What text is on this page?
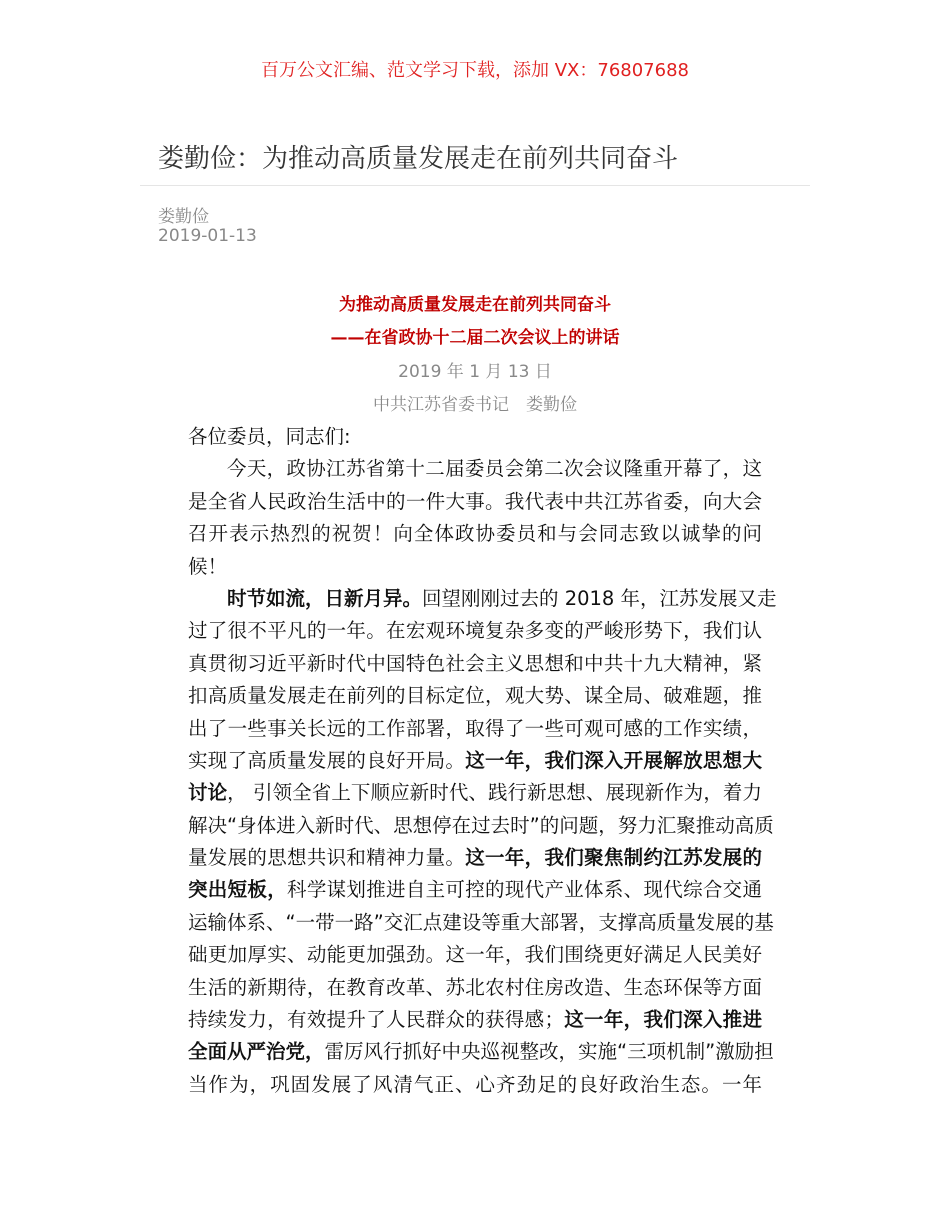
百万公文汇编、范文学习下载，添加 VX：76807688
娄勤俭：为推动高质量发展走在前列共同奋斗
娄勤俭
2019-01-13
为推动高质量发展走在前列共同奋斗
——在省政协十二届二次会议上的讲话
2019 年 1 月 13 日
中共江苏省委书记　娄勤俭
各位委员，同志们:
今天，政协江苏省第十二届委员会第二次会议隆重开幕了，这
是全省人民政治生活中的一件大事。我代表中共江苏省委，向大会
召开表示热烈的祝贺！向全体政协委员和与会同志致以诚挚的问
候！
时节如流，日新月异。回望刚刚过去的 2018 年，江苏发展又走
过了很不平凡的一年。在宏观环境复杂多变的严峻形势下，我们认
真贯彻习近平新时代中国特色社会主义思想和中共十九大精神，紧
扣高质量发展走在前列的目标定位，观大势、谋全局、破难题，推
出了一些事关长远的工作部署，取得了一些可观可感的工作实绩，
实现了高质量发展的良好开局。这一年，我们深入开展解放思想大
讨论， 引领全省上下顺应新时代、践行新思想、展现新作为，着力
解决“身体进入新时代、思想停在过去时”的问题，努力汇聚推动高质
量发展的思想共识和精神力量。这一年，我们聚焦制约江苏发展的
突出短板，科学谋划推进自主可控的现代产业体系、现代综合交通
运输体系、“一带一路”交汇点建设等重大部署，支撑高质量发展的基
础更加厚实、动能更加强劲。这一年，我们围绕更好满足人民美好
生活的新期待，在教育改革、苏北农村住房改造、生态环保等方面
持续发力，有效提升了人民群众的获得感；这一年，我们深入推进
全面从严治党，雷厉风行抓好中央巡视整改，实施“三项机制”激励担
当作为，巩固发展了风清气正、心齐劲足的良好政治生态。一年
